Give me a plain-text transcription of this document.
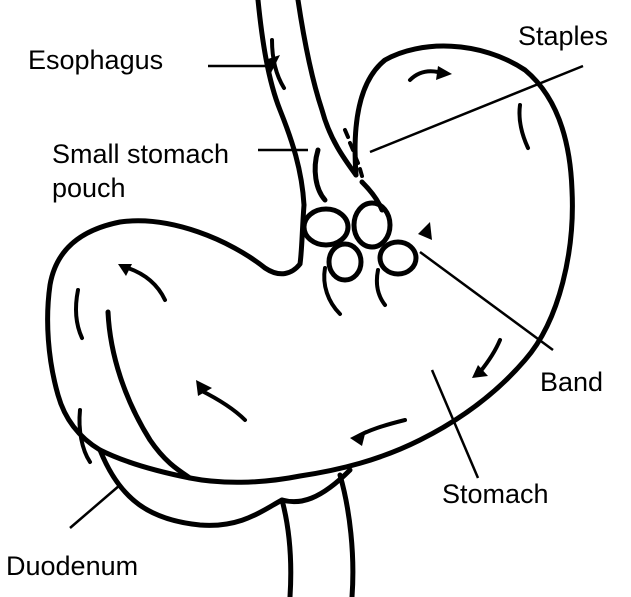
Esophagus
Staples
Small stomach
pouch
Band
Stomach
Duodenum
